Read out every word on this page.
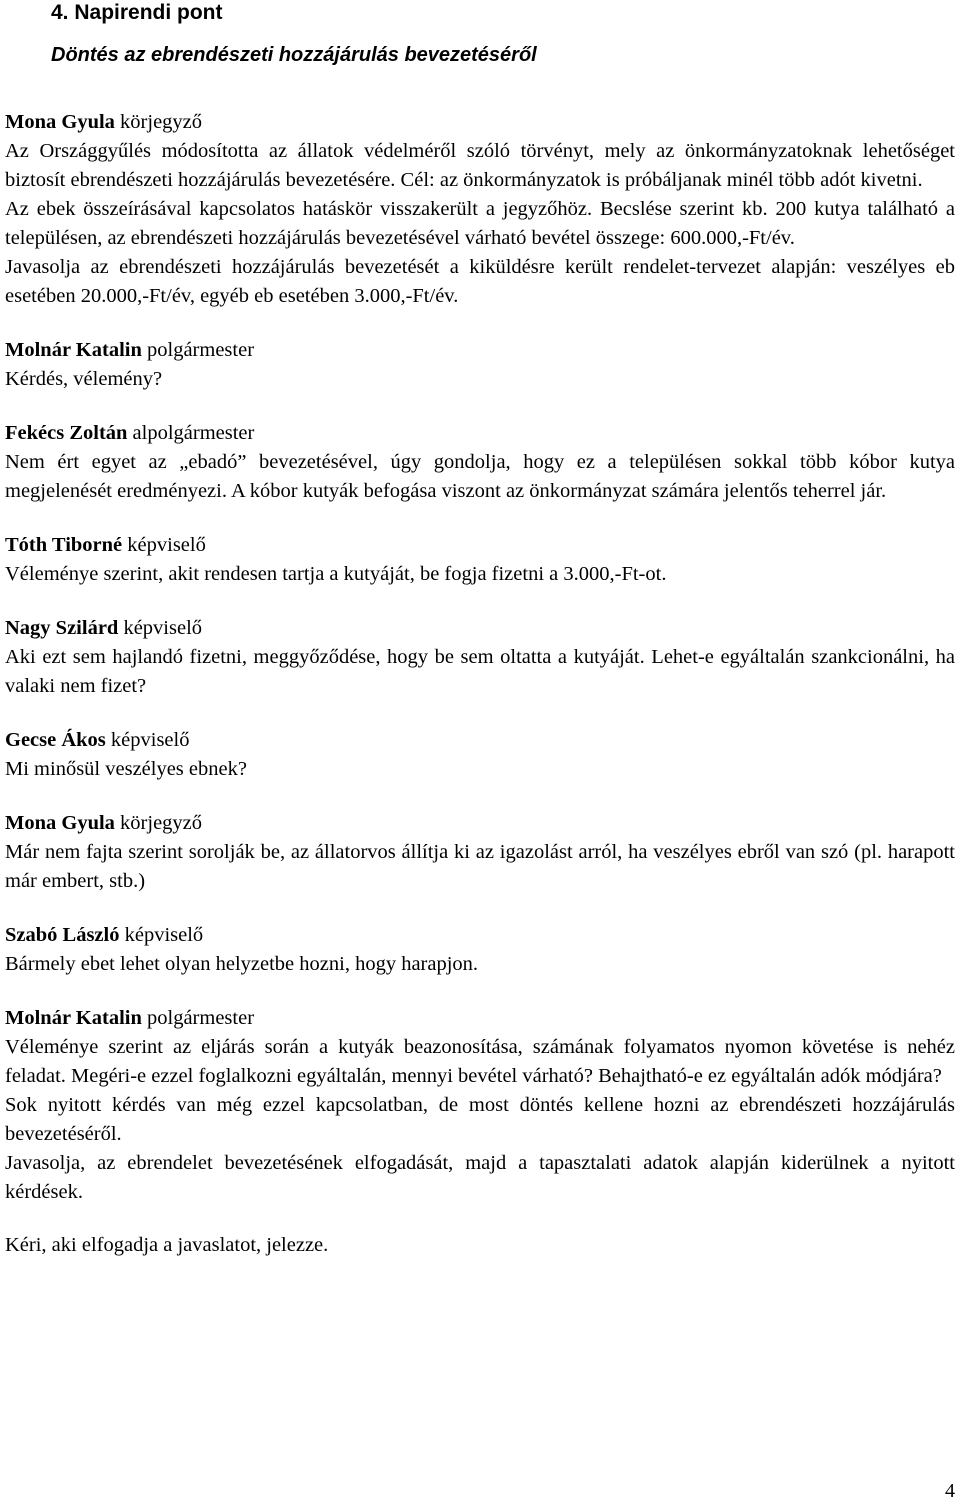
4. Napirendi pont
Döntés az ebrendészeti hozzájárulás bevezetéséről

Mona Gyula körjegyző

Az Országgyűlés módosította az állatok védelméről szóló törvényt, mely az önkormányzatoknak lehetőséget biztosít ebrendészeti hozzájárulás bevezetésére. Cél: az önkormányzatok is próbáljanak minél több adót kivetni.

Az ebek összeírásával kapcsolatos hatáskör visszakerült a jegyzőhöz. Becslése szerint kb. 200 kutya található a településen, az ebrendészeti hozzájárulás bevezetésével várható bevétel összege: 600.000,-Ft/év.

Javasolja az ebrendészeti hozzájárulás bevezetését a kiküldésre került rendelet-tervezet alapján: veszélyes eb esetében 20.000,-Ft/év, egyéb eb esetében 3.000,-Ft/év.

Molnár Katalin polgármester

Kérdés, vélemény?

Fekécs Zoltán alpolgármester

Nem ért egyet az „ebadó” bevezetésével, úgy gondolja, hogy ez a településen sokkal több kóbor kutya megjelenését eredményezi. A kóbor kutyák befogása viszont az önkormányzat számára jelentős teherrel jár.

Tóth Tiborné képviselő

Véleménye szerint, akit rendesen tartja a kutyáját, be fogja fizetni a 3.000,-Ft-ot.

Nagy Szilárd képviselő

Aki ezt sem hajlandó fizetni, meggyőződése, hogy be sem oltatta a kutyáját. Lehet-e egyáltalán szankcionálni, ha valaki nem fizet?

Gecse Ákos képviselő

Mi minősül veszélyes ebnek?

Mona Gyula körjegyző

Már nem fajta szerint sorolják be, az állatorvos állítja ki az igazolást arról, ha veszélyes ebről van szó (pl. harapott már embert, stb.)

Szabó László képviselő

Bármely ebet lehet olyan helyzetbe hozni, hogy harapjon.

Molnár Katalin polgármester

Véleménye szerint az eljárás során a kutyák beazonosítása, számának folyamatos nyomon követése is nehéz feladat. Megéri-e ezzel foglalkozni egyáltalán, mennyi bevétel várható? Behajtható-e ez egyáltalán adók módjára?

Sok nyitott kérdés van még ezzel kapcsolatban, de most döntés kellene hozni az ebrendészeti hozzájárulás bevezetéséről.

Javasolja, az ebrendelet bevezetésének elfogadását, majd a tapasztalati adatok alapján kiderülnek a nyitott kérdések.

Kéri, aki elfogadja a javaslatot, jelezze.

4
